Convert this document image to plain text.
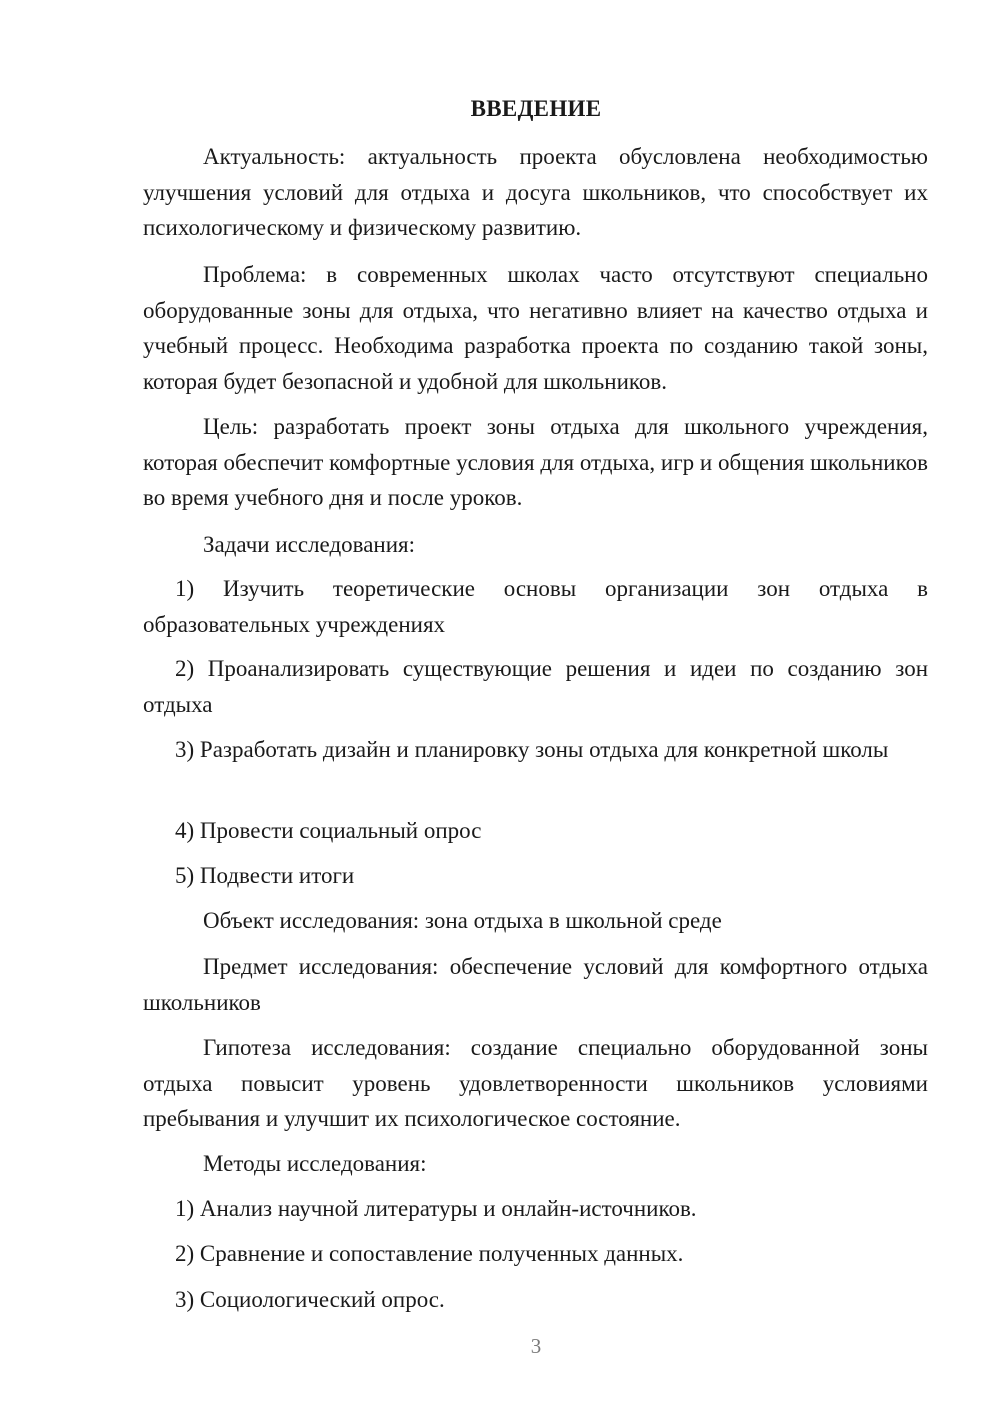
ВВЕДЕНИЕ

Актуальность: актуальность проекта обусловлена необходимостью улучшения условий для отдыха и досуга школьников, что способствует их психологическому и физическому развитию.

Проблема: в современных школах часто отсутствуют специально оборудованные зоны для отдыха, что негативно влияет на качество отдыха и учебный процесс. Необходима разработка проекта по созданию такой зоны, которая будет безопасной и удобной для школьников.

Цель: разработать проект зоны отдыха для школьного учреждения, которая обеспечит комфортные условия для отдыха, игр и общения школьников во время учебного дня и после уроков.

Задачи исследования:

1) Изучить теоретические основы организации зон отдыха в образовательных учреждениях

2) Проанализировать существующие решения и идеи по созданию зон отдыха

3) Разработать дизайн и планировку зоны отдыха для конкретной школы

4) Провести социальный опрос

5) Подвести итоги

Объект исследования: зона отдыха в школьной среде

Предмет исследования: обеспечение условий для комфортного отдыха школьников

Гипотеза исследования: создание специально оборудованной зоны отдыха повысит уровень удовлетворенности школьников условиями пребывания и улучшит их психологическое состояние.

Методы исследования:

1) Анализ научной литературы и онлайн-источников.

2) Сравнение и сопоставление полученных данных.

3) Социологический опрос.

3
